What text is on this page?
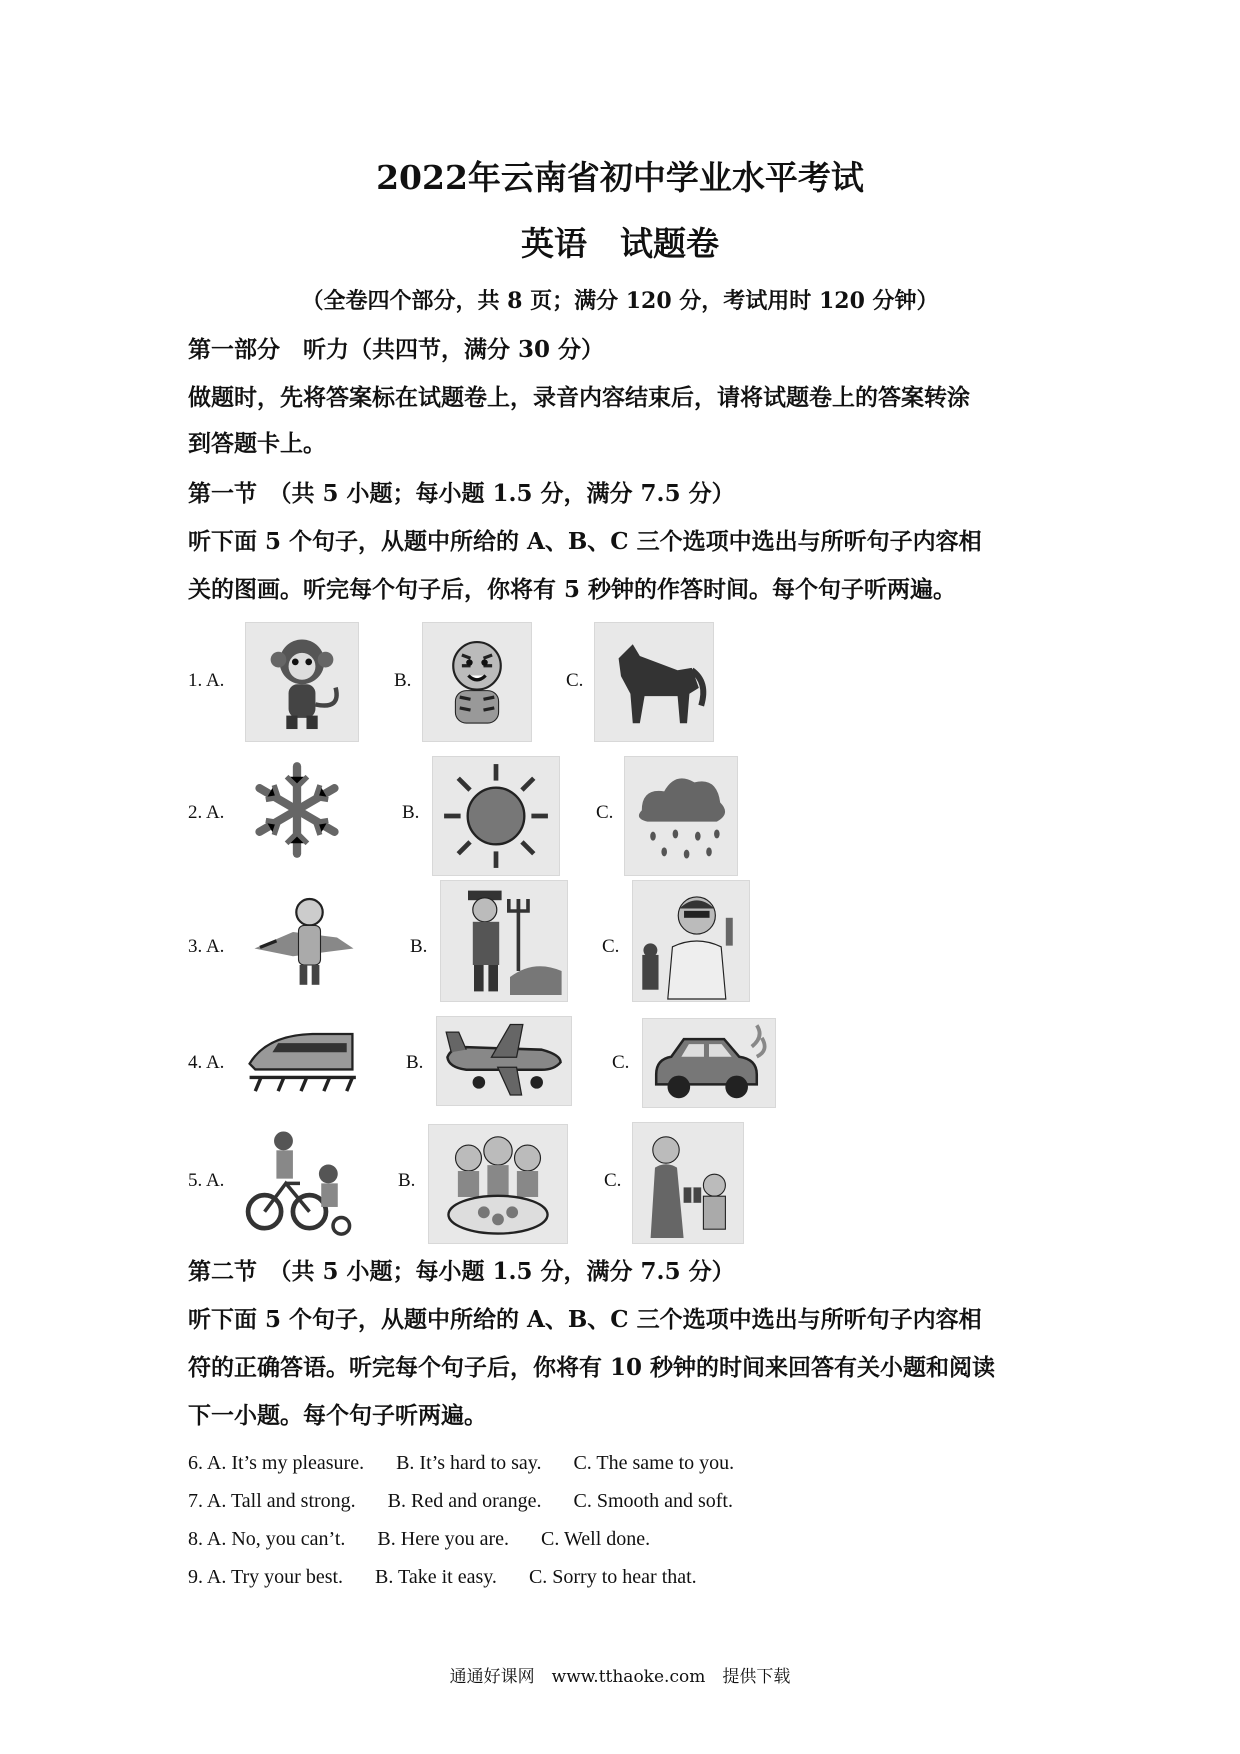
2022年云南省初中学业水平考试
英语　试题卷
（全卷四个部分，共 8 页；满分 120 分，考试用时 120 分钟）
第一部分　听力（共四节，满分 30 分）
做题时，先将答案标在试题卷上，录音内容结束后，请将试题卷上的答案转涂
到答题卡上。
第一节　（共 5 小题；每小题 1.5 分，满分 7.5 分）
听下面 5 个句子，从题中所给的 A、B、C 三个选项中选出与所听句子内容相
关的图画。听完每个句子后，你将有 5 秒钟的作答时间。每个句子听两遍。
1. A.	B.	C.
2. A.	B.	C.
3. A.	B.	C.
4. A.	B.	C.
5. A.	B.	C.
第二节　（共 5 小题；每小题 1.5 分，满分 7.5 分）
听下面 5 个句子，从题中所给的 A、B、C 三个选项中选出与所听句子内容相
符的正确答语。听完每个句子后，你将有 10 秒钟的时间来回答有关小题和阅读
下一小题。每个句子听两遍。
6. A. It’s my pleasure. B. It’s hard to say. C. The same to you.
7. A. Tall and strong. B. Red and orange. C. Smooth and soft.
8. A. No, you can’t. B. Here you are. C. Well done.
9. A. Try your best. B. Take it easy. C. Sorry to hear that.
通通好课网　www.tthaoke.com　提供下载
